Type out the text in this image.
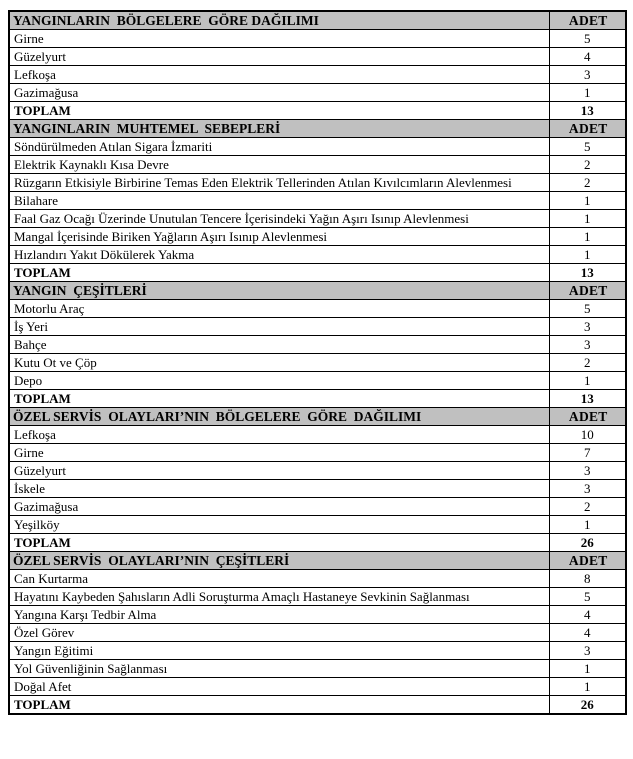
YANGINLARIN  BÖLGELERE  GÖRE DAĞILIMI	ADET
Girne	5
Güzelyurt	4
Lefkoşa	3
Gazimağusa	1
TOPLAM	13
YANGINLARIN  MUHTEMEL  SEBEPLERİ	ADET
Söndürülmeden Atılan Sigara İzmariti	5
Elektrik Kaynaklı Kısa Devre	2
Rüzgarın Etkisiyle Birbirine Temas Eden Elektrik Tellerinden Atılan Kıvılcımların Alevlenmesi	2
Bilahare	1
Faal Gaz Ocağı Üzerinde Unutulan Tencere İçerisindeki Yağın Aşırı Isınıp Alevlenmesi	1
Mangal İçerisinde Biriken Yağların Aşırı Isınıp Alevlenmesi	1
Hızlandırı Yakıt Dökülerek Yakma	1
TOPLAM	13
YANGIN  ÇEŞİTLERİ	ADET
Motorlu Araç	5
İş Yeri	3
Bahçe	3
Kutu Ot ve Çöp	2
Depo	1
TOPLAM	13
ÖZEL SERVİS  OLAYLARI’NIN  BÖLGELERE  GÖRE  DAĞILIMI	ADET
Lefkoşa	10
Girne	7
Güzelyurt	3
İskele	3
Gazimağusa	2
Yeşilköy	1
TOPLAM	26
ÖZEL SERVİS  OLAYLARI’NIN  ÇEŞİTLERİ	ADET
Can Kurtarma	8
Hayatını Kaybeden Şahısların Adli Soruşturma Amaçlı Hastaneye Sevkinin Sağlanması	5
Yangına Karşı Tedbir Alma	4
Özel Görev	4
Yangın Eğitimi	3
Yol Güvenliğinin Sağlanması	1
Doğal Afet	1
TOPLAM	26
